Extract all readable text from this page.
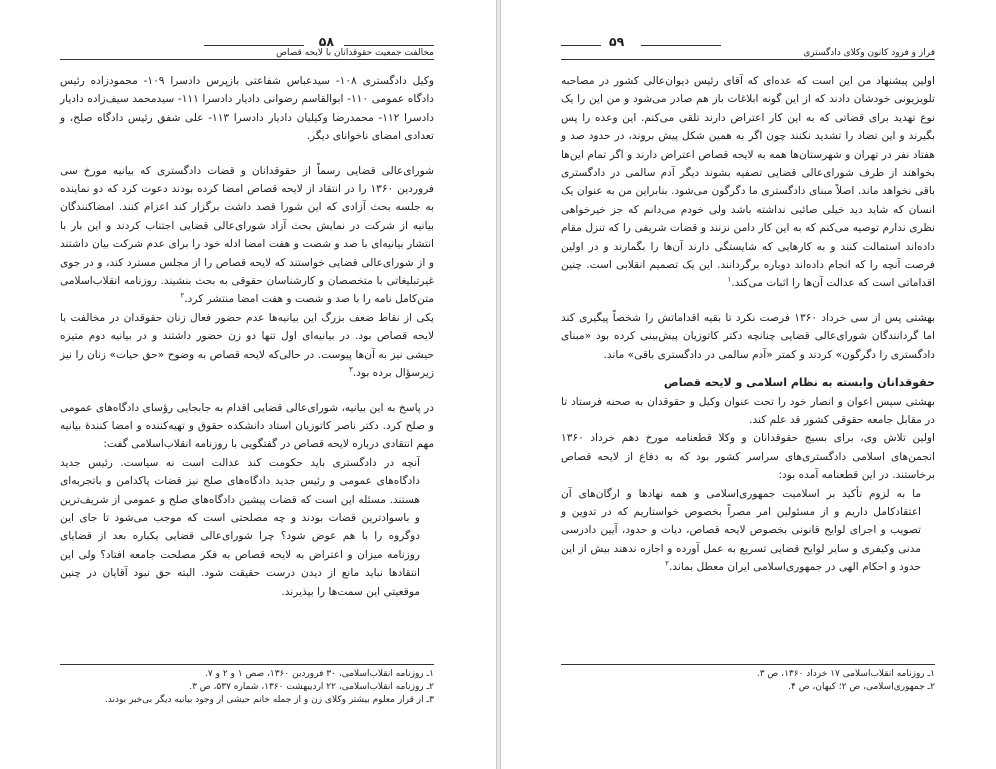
۵۸
مخالفت جمعیت حقوقدانان با لایحه قصاص

وکیل دادگستری ۱۰۸- سیدعباس شفاعتی بازپرس دادسرا ۱۰۹- محمودزاده رئیس دادگاه عمومی ۱۱۰- ابوالقاسم رضوانی دادیار دادسرا ۱۱۱- سیدمحمد سیف‌زاده دادیار دادسرا ۱۱۲- محمدرضا وکیلیان دادیار دادسرا ۱۱۳- علی شفق رئیس دادگاه صلح، و تعدادی امضای ناخوانای دیگر.

شورای‌عالی قضایی رسماً از حقوقدانان و قضات دادگستری که بیانیه مورخ سی فروردین ۱۳۶۰ را در انتقاد از لایحه قصاص امضا کرده بودند دعوت کرد که دو نماینده به جلسه بحث آزادی که این شورا قصد داشت برگزار کند اعزام کنند. امضاکنندگان بیانیه از شرکت در نمایش بحث آزاد شورای‌عالی قضایی اجتناب کردند و این بار با انتشار بیانیه‌ای با صد و شصت و هفت امضا ادله خود را برای عدم شرکت بیان داشتند و از شورای‌عالی قضایی خواستند که لایحه قصاص را از مجلس مسترد کند، و در جوی غیرتبلیغاتی با متخصصان و کارشناسان حقوقی به بحث بنشیند. روزنامه انقلاب‌اسلامی متن‌کامل نامه را با صد و شصت و هفت امضا منتشر کرد.$^۲$

یکی از نقاط ضعف بزرگ این بیانیه‌ها عدم حضور فعال زنان حقوقدان در مخالفت با لایحه قصاص بود. در بیانیه‌ای اول تنها دو زن حضور داشتند و در بیانیه دوم متیزه حیشی نیز به آن‌ها پیوست. در حالی‌که لایحه قصاص به وضوح «حق حیات» زنان را نیز زیرسؤال برده بود.$^۳$

در پاسخ به این بیانیه، شورای‌عالی قضایی اقدام به جابجایی رؤسای دادگاه‌های عمومی و صلح کرد. دکتر ناصر کاتوزیان استاد دانشکده حقوق و تهیه‌کننده و امضا کنندهٔ بیانیه مهم انتقادی درباره لایحه قصاص در گفتگویی با روزنامه انقلاب‌اسلامی گفت:

آنچه در دادگستری باید حکومت کند عدالت است نه سیاست. رئیس جدید دادگاه‌های عمومی و رئیس جدید دادگاه‌های صلح نیز قضات پاکدامن و باتجربه‌ای هستند. مسئله این است که قضات پیشین دادگاه‌های صلح و عمومی از شریف‌ترین و باسوادترین قضات بودند و چه مصلحتی است که موجب می‌شود تا جای این دوگروه را با هم عوض شود؟ چرا شورای‌عالی قضایی یکباره بعد از قضایای روزنامه میزان و اعتراض به لایحه قصاص به فکر مصلحت جامعه افتاد؟ ولی این انتقادها نباید مانع از دیدن درست حقیقت شود. البته حق نبود آقایان در چنین موقعیتی این سمت‌ها را بپذیرند.

۱ـ روزنامه انقلاب‌اسلامی، ۳۰ فروردین ۱۳۶۰، صص ۱ و ۲ و ۷.
۲ـ روزنامه انقلاب‌اسلامی، ۲۲ اردیبهشت ۱۳۶۰، شماره ۵۳۷، ص ۳.
۳ـ از قرار معلوم بیشتر وکلای زن و از جمله خانم حیشی از وجود بیانیه دیگر بی‌خبر بودند.
۵۹
فراز و فرود کانون وکلای دادگستری

اولین پیشنهاد من این است که عده‌ای که آقای رئیس دیوان‌عالی کشور در مصاحبه تلویزیونی خودشان دادند که از این گونه ابلاغات باز هم صادر می‌شود و من این را یک نوع تهدید برای قضاتی که به این کار اعتراض دارند تلقی می‌کنم. این وعده را پس بگیرند و این تضاد را تشدید نکنند چون اگر به همین شکل پیش بروند، در حدود صد و هفتاد نفر در تهران و شهرستان‌ها همه به لایحه قصاص اعتراض دارند و اگر تمام این‌ها بخواهند از طرف شورای‌عالی قضایی تصفیه بشوند دیگر آدم سالمی در دادگستری باقی نخواهد ماند. اصلاً مبنای دادگستری ما دگرگون می‌شود. بنابراین من به عنوان یک انسان که شاید دید خیلی صائبی نداشته باشد ولی خودم می‌دانم که جز خیرخواهی نظری ندارم توصیه می‌کنم که به این کار دامن نزنند و قضات شریفی را که تنزل مقام داده‌اند استمالت کنند و به کارهایی که شایستگی دارند آن‌ها را بگمارند و در اولین فرصت آنچه را که انجام داده‌اند دوباره برگردانند. این یک تصمیم انقلابی است. چنین اقداماتی است که عدالت آن‌ها را اثبات می‌کند.$^۱$

بهشتی پس از سی خرداد ۱۳۶۰ فرصت نکرد تا بقیه اقداماتش را شخصاً پیگیری کند اما گردانندگان شورای‌عالی قضایی چنانچه دکتر کاتوزیان پیش‌بینی کرده بود «مبنای دادگستری را دگرگون» کردند و کمتر «آدم سالمی در دادگستری باقی» ماند.

حقوقدانان وابسته به نظام اسلامی و لایحه قصاص

بهشتی سپس اعوان و انصار خود را تحت عنوان وکیل و حقوقدان به صحنه فرستاد تا در مقابل جامعه حقوقی کشور قد علم کند.

اولین تلاش وی، برای بسیج حقوقدانان و وکلا قطعنامه مورخ دهم خرداد ۱۳۶۰ انجمن‌های اسلامی دادگستری‌های سراسر کشور بود که به دفاع از لایحه قصاص برخاستند. در این قطعنامه آمده بود:

ما به لزوم تأکید بر اسلامیت جمهوری‌اسلامی و همه نهادها و ارگان‌های آن اعتقادکامل داریم و از مسئولین امر مصراً بخصوص خواستاریم که در تدوین و تصویب و اجرای لوایح قانونی بخصوص لایحه قصاص، دیات و حدود، آیین دادرسی مدنی وکیفری و سایر لوایح قضایی تسریع به عمل آورده و اجازه ندهند بیش از این حدود و احکام الهی در جمهوری‌اسلامی ایران معطل بماند.$^۲$

۱ـ روزنامه انقلاب‌اسلامی ۱۷ خرداد ۱۳۶۰، ص ۳.
۲ـ جمهوری‌اسلامی، ص ۲؛ کیهان، ص ۴.
